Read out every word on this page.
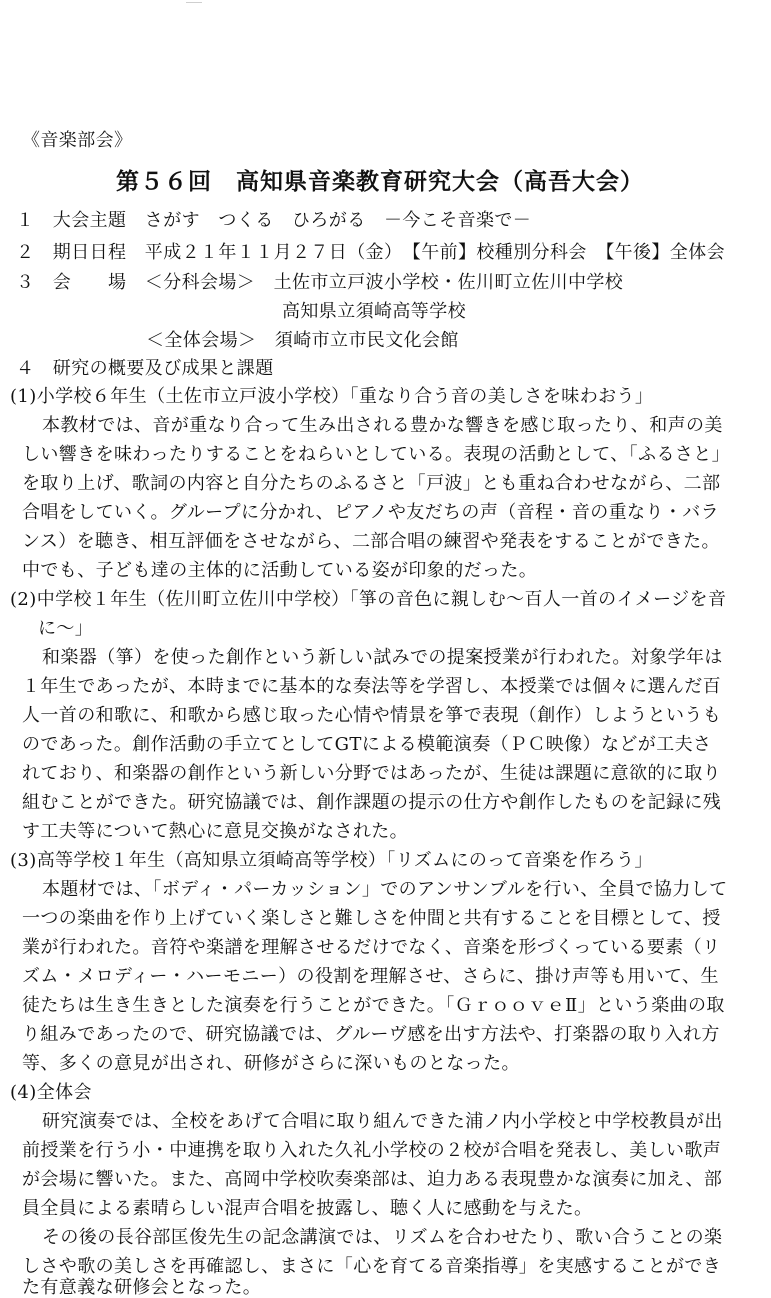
《音楽部会》
第５６回　高知県音楽教育研究大会（高吾大会）
１　大会主題　さがす　つくる　ひろがる　－今こそ音楽で－
２　期日日程　平成２１年１１月２７日（金）　【午前】校種別分科会　【午後】全体会
３　会　　場　＜分科会場＞　土佐市立戸波小学校・佐川町立佐川中学校
高知県立須崎高等学校
＜全体会場＞　須崎市立市民文化会館
４　研究の概要及び成果と課題
(1)小学校６年生（土佐市立戸波小学校）「重なり合う音の美しさを味わおう」
本教材では、音が重なり合って生み出される豊かな響きを感じ取ったり、和声の美
しい響きを味わったりすることをねらいとしている。表現の活動として、「ふるさと」
を取り上げ、歌詞の内容と自分たちのふるさと「戸波」とも重ね合わせながら、二部
合唱をしていく。グループに分かれ、ピアノや友だちの声（音程・音の重なり・バラ
ンス）を聴き、相互評価をさせながら、二部合唱の練習や発表をすることができた。
中でも、子ども達の主体的に活動している姿が印象的だった。
(2)中学校１年生（佐川町立佐川中学校）「箏の音色に親しむ～百人一首のイメージを音
に～」
和楽器（箏）を使った創作という新しい試みでの提案授業が行われた。対象学年は
１年生であったが、本時までに基本的な奏法等を学習し、本授業では個々に選んだ百
人一首の和歌に、和歌から感じ取った心情や情景を箏で表現（創作）しようというも
のであった。創作活動の手立てとしてGTによる模範演奏（ＰＣ映像）などが工夫さ
れており、和楽器の創作という新しい分野ではあったが、生徒は課題に意欲的に取り
組むことができた。研究協議では、創作課題の提示の仕方や創作したものを記録に残
す工夫等について熱心に意見交換がなされた。
(3)高等学校１年生（高知県立須崎高等学校）「リズムにのって音楽を作ろう」
本題材では、「ボディ・パーカッション」でのアンサンブルを行い、全員で協力して
一つの楽曲を作り上げていく楽しさと難しさを仲間と共有することを目標として、授
業が行われた。音符や楽譜を理解させるだけでなく、音楽を形づくっている要素（リ
ズム・メロディー・ハーモニー）の役割を理解させ、さらに、掛け声等も用いて、生
徒たちは生き生きとした演奏を行うことができた。「ＧｒｏｏｖｅⅡ」という楽曲の取
り組みであったので、研究協議では、グルーヴ感を出す方法や、打楽器の取り入れ方
等、多くの意見が出され、研修がさらに深いものとなった。
(4)全体会
研究演奏では、全校をあげて合唱に取り組んできた浦ノ内小学校と中学校教員が出
前授業を行う小・中連携を取り入れた久礼小学校の２校が合唱を発表し、美しい歌声
が会場に響いた。また、高岡中学校吹奏楽部は、迫力ある表現豊かな演奏に加え、部
員全員による素晴らしい混声合唱を披露し、聴く人に感動を与えた。
その後の長谷部匡俊先生の記念講演では、リズムを合わせたり、歌い合うことの楽
しさや歌の美しさを再確認し、まさに「心を育てる音楽指導」を実感することができ
た有意義な研修会となった。
